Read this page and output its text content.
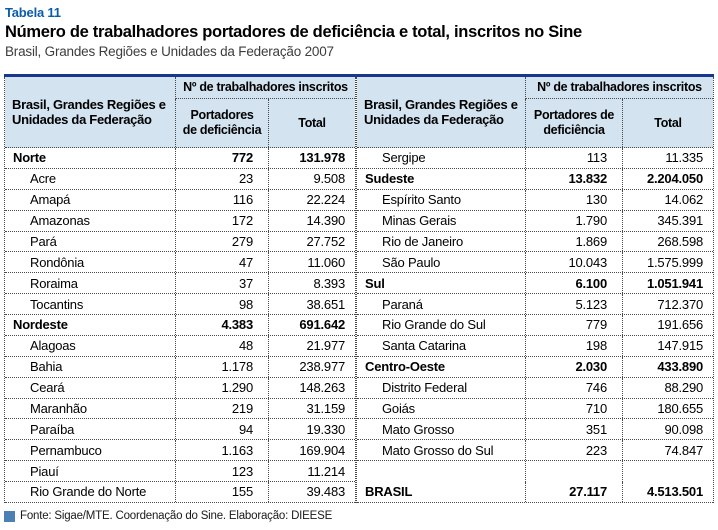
Tabela 11
Número de trabalhadores portadores de deficiência e total, inscritos no Sine
Brasil, Grandes Regiões e Unidades da Federação 2007
Brasil, Grandes Regiões e Unidades da Federação
Nº de trabalhadores inscritos
Portadores de deficiência
Total
Norte	772	131.978
Acre	23	9.508
Amapá	116	22.224
Amazonas	172	14.390
Pará	279	27.752
Rondônia	47	11.060
Roraima	37	8.393
Tocantins	98	38.651
Nordeste	4.383	691.642
Alagoas	48	21.977
Bahia	1.178	238.977
Ceará	1.290	148.263
Maranhão	219	31.159
Paraíba	94	19.330
Pernambuco	1.163	169.904
Piauí	123	11.214
Rio Grande do Norte	155	39.483
Brasil, Grandes Regiões e Unidades da Federação
Nº de trabalhadores inscritos
Portadores de deficiência
Total
Sergipe	113	11.335
Sudeste	13.832	2.204.050
Espírito Santo	130	14.062
Minas Gerais	1.790	345.391
Rio de Janeiro	1.869	268.598
São Paulo	10.043	1.575.999
Sul	6.100	1.051.941
Paraná	5.123	712.370
Rio Grande do Sul	779	191.656
Santa Catarina	198	147.915
Centro-Oeste	2.030	433.890
Distrito Federal	746	88.290
Goiás	710	180.655
Mato Grosso	351	90.098
Mato Grosso do Sul	223	74.847
BRASIL	27.117	4.513.501
Fonte: Sigae/MTE. Coordenação do Sine. Elaboração: DIEESE
